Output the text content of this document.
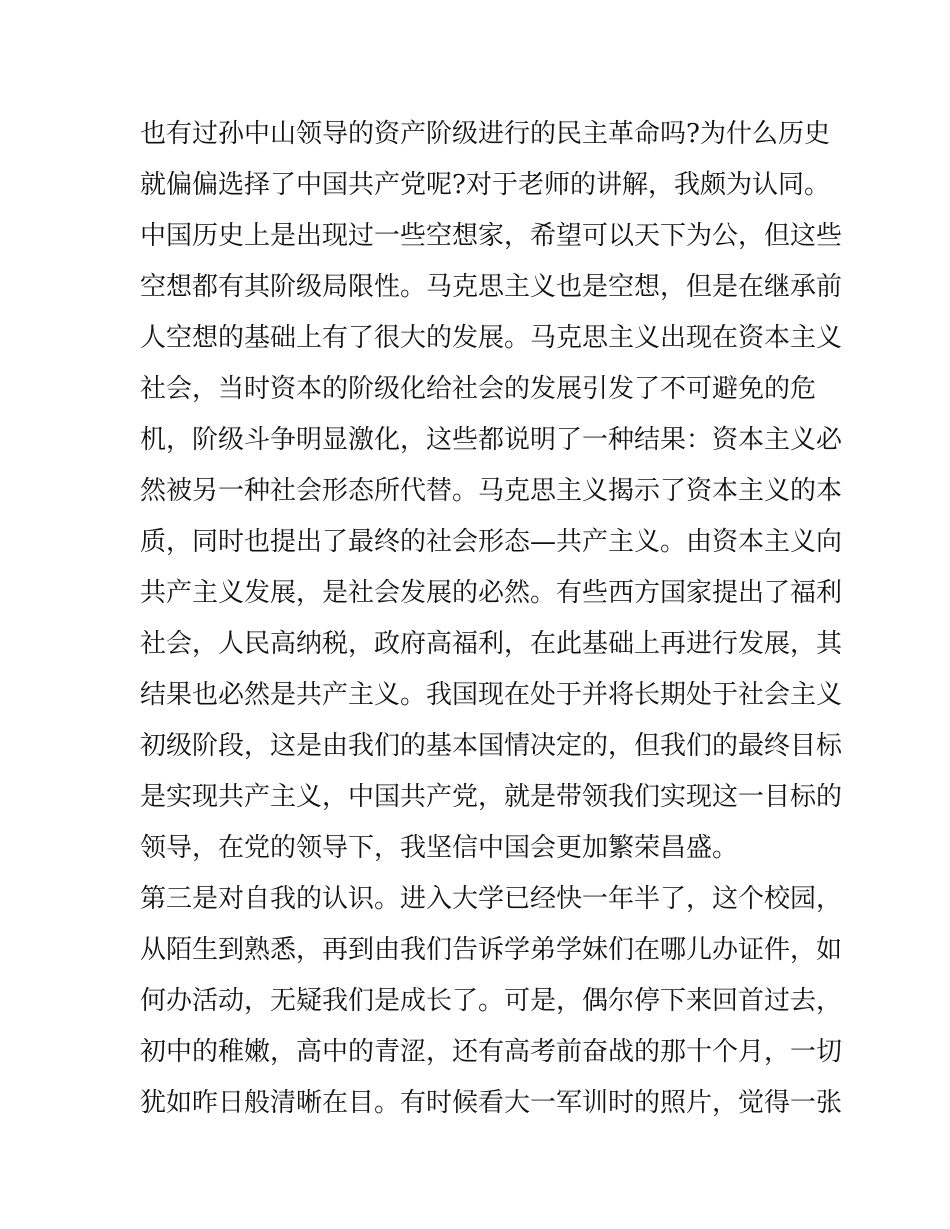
也有过孙中山领导的资产阶级进行的民主革命吗?为什么历史
就偏偏选择了中国共产党呢?对于老师的讲解，我颇为认同。
中国历史上是出现过一些空想家，希望可以天下为公，但这些
空想都有其阶级局限性。马克思主义也是空想，但是在继承前
人空想的基础上有了很大的发展。马克思主义出现在资本主义
社会，当时资本的阶级化给社会的发展引发了不可避免的危
机，阶级斗争明显激化，这些都说明了一种结果：资本主义必
然被另一种社会形态所代替。马克思主义揭示了资本主义的本
质，同时也提出了最终的社会形态—共产主义。由资本主义向
共产主义发展，是社会发展的必然。有些西方国家提出了福利
社会，人民高纳税，政府高福利，在此基础上再进行发展，其
结果也必然是共产主义。我国现在处于并将长期处于社会主义
初级阶段，这是由我们的基本国情决定的，但我们的最终目标
是实现共产主义，中国共产党，就是带领我们实现这一目标的
领导，在党的领导下，我坚信中国会更加繁荣昌盛。
第三是对自我的认识。进入大学已经快一年半了，这个校园，
从陌生到熟悉，再到由我们告诉学弟学妹们在哪儿办证件，如
何办活动，无疑我们是成长了。可是，偶尔停下来回首过去，
初中的稚嫩，高中的青涩，还有高考前奋战的那十个月，一切
犹如昨日般清晰在目。有时候看大一军训时的照片，觉得一张
